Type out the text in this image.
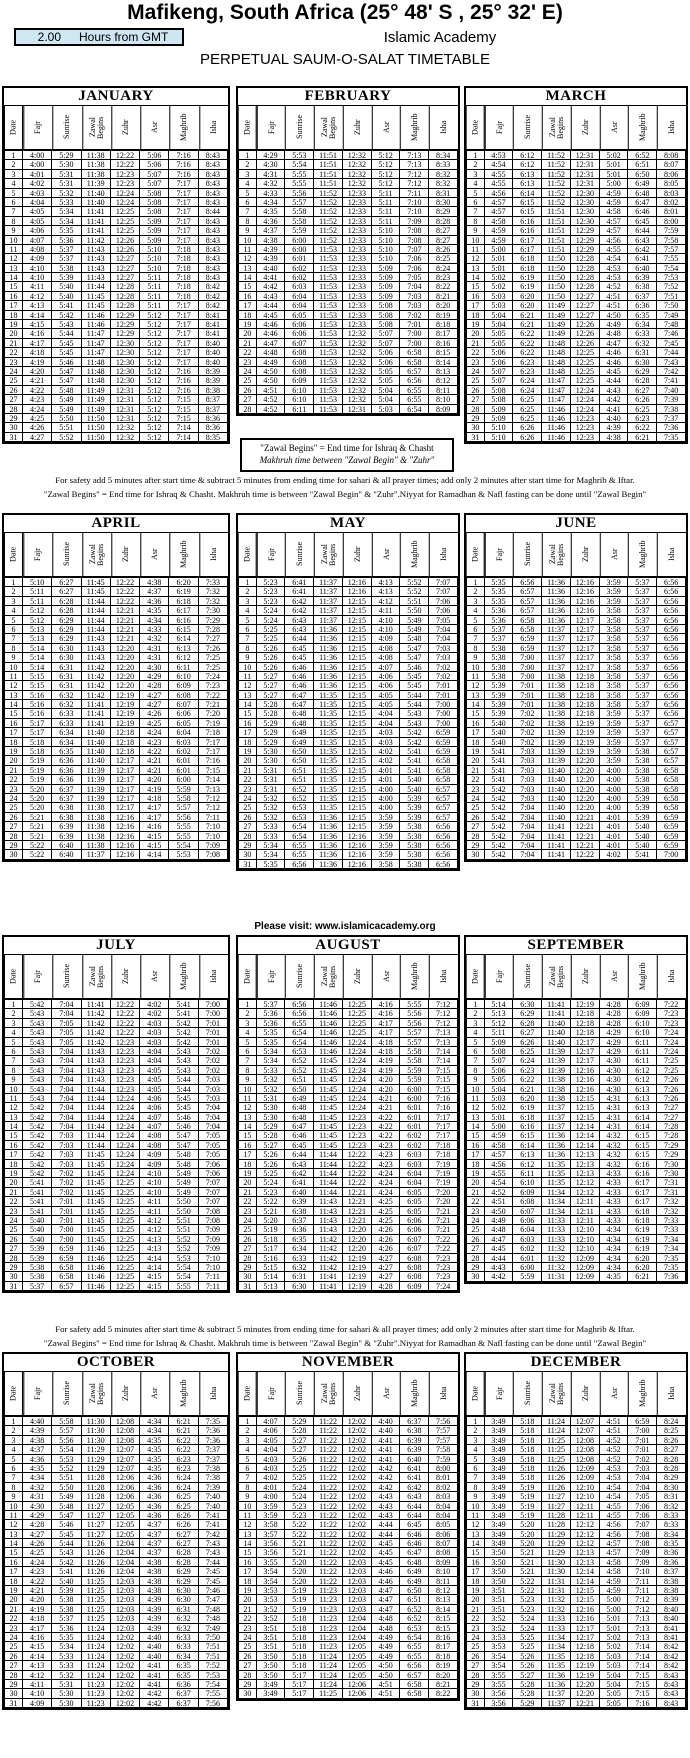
Mafikeng, South Africa (25° 48' S , 25° 32' E)
2.00 Hours from GMT	Islamic Academy
PERPETUAL SAUM-O-SALAT TIMETABLE
JANUARY
Date	Fajr	Sunrise	Zawal Begins	Zuhr	Asr	Maghrib	Isha
1	4:00	5:29	11:38	12:22	5:06	7:16	8:43
2	4:00	5:30	11:38	12:22	5:06	7:16	8:43
3	4:01	5:31	11:38	12:23	5:07	7:16	8:43
4	4:02	5:31	11:39	12:23	5:07	7:17	8:43
5	4:03	5:32	11:40	12:24	5:08	7:17	8:43
6	4:04	5:33	11:40	12:24	5:08	7:17	8:43
7	4:05	5:34	11:41	12:25	5:08	7:17	8:44
8	4:05	5:34	11:41	12:25	5:09	7:17	8:43
9	4:06	5:35	11:41	12:25	5:09	7:17	8:43
10	4:07	5:36	11:42	12:26	5:09	7:17	8:43
11	4:08	5:37	11:43	12:26	5:10	7:18	8:43
12	4:09	5:37	11:43	12:27	5:10	7:18	8:43
13	4:10	5:38	11:43	12:27	5:10	7:18	8:43
14	4:10	5:39	11:43	12:27	5:11	7:18	8:43
15	4:11	5:40	11:44	12:28	5:11	7:18	8:42
16	4:12	5:40	11:45	12:28	5:11	7:18	8:42
17	4:13	5:41	11:45	12:28	5:11	7:17	8:42
18	4:14	5:42	11:46	12:29	5:12	7:17	8:41
19	4:15	5:43	11:46	12:29	5:12	7:17	8:41
20	4:16	5:44	11:47	12:29	5:12	7:17	8:41
21	4:17	5:45	11:47	12:30	5:12	7:17	8:40
22	4:18	5:45	11:47	12:30	5:12	7:17	8:40
23	4:19	5:46	11:48	12:30	5:12	7:17	8:40
24	4:20	5:47	11:48	12:30	5:12	7:16	8:39
25	4:21	5:47	11:48	12:30	5:12	7:16	8:39
26	4:22	5:48	11:49	12:31	5:12	7:16	8:38
27	4:23	5:49	11:49	12:31	5:12	7:15	8:37
28	4:24	5:49	11:49	12:31	5:12	7:15	8:37
29	4:25	5:50	11:50	12:31	5:12	7:15	8:36
30	4:26	5:51	11:50	12:32	5:12	7:14	8:36
31	4:27	5:52	11:50	12:32	5:12	7:14	8:35
FEBRUARY
Date	Fajr	Sunrise	Zawal Begins	Zuhr	Asr	Maghrib	Isha
1	4:29	5:53	11:51	12:32	5:12	7:13	8:34
2	4:30	5:54	11:51	12:32	5:12	7:13	8:33
3	4:31	5:55	11:51	12:32	5:12	7:12	8:32
4	4:32	5:55	11:51	12:32	5:12	7:12	8:32
5	4:33	5:56	11:52	12:33	5:11	7:11	8:31
6	4:34	5:57	11:52	12:33	5:11	7:10	8:30
7	4:35	5:58	11:52	12:33	5:11	7:10	8:29
8	4:36	5:58	11:52	12:33	5:11	7:09	8:28
9	4:37	5:59	11:52	12:33	5:10	7:08	8:27
10	4:38	6:00	11:52	12:33	5:10	7:08	8:27
11	4:39	6:00	11:53	12:33	5:10	7:07	8:26
12	4:39	6:01	11:53	12:33	5:10	7:06	8:25
13	4:40	6:02	11:53	12:33	5:09	7:06	8:24
14	4:41	6:02	11:53	12:33	5:09	7:05	8:23
15	4:42	6:03	11:53	12:33	5:09	7:04	8:22
16	4:43	6:04	11:53	12:33	5:09	7:03	8:21
17	4:44	6:04	11:53	12:33	5:08	7:03	8:20
18	4:45	6:05	11:53	12:33	5:08	7:02	8:19
19	4:46	6:06	11:53	12:33	5:08	7:01	8:18
20	4:46	6:06	11:53	12:32	5:07	7:00	8:17
21	4:47	6:07	11:53	12:32	5:07	7:00	8:16
22	4:48	6:08	11:53	12:32	5:06	6:58	8:15
23	4:49	6:08	11:53	12:32	5:06	6:58	8:14
24	4:50	6:08	11:53	12:32	5:05	6:57	8:13
25	4:50	6:09	11:53	12:32	5:05	6:56	8:12
26	4:51	6:10	11:53	12:32	5:04	6:55	8:11
27	4:52	6:10	11:53	12:32	5:04	6:55	8:10
28	4:52	6:11	11:53	12:31	5:03	6:54	8:09
MARCH
Date	Fajr	Sunrise	Zawal Begins	Zuhr	Asr	Maghrib	Isha
1	4:53	6:12	11:52	12:31	5:02	6:52	8:08
2	4:54	6:12	11:52	12:31	5:01	6:51	8:07
3	4:55	6:13	11:52	12:31	5:01	6:50	8:06
4	4:55	6:13	11:52	12:31	5:00	6:49	8:05
5	4:56	6:14	11:52	12:30	4:59	6:48	8:03
6	4:57	6:15	11:52	12:30	4:59	6:47	8:02
7	4:57	6:15	11:51	12:30	4:58	6:46	8:01
8	4:58	6:16	11:51	12:30	4:57	6:45	8:00
9	4:59	6:16	11:51	12:29	4:57	6:44	7:59
10	4:59	6:17	11:51	12:29	4:56	6:43	7:58
11	5:00	6:17	11:51	12:29	4:55	6:42	7:57
12	5:01	6:18	11:50	12:28	4:54	6:41	7:55
13	5:01	6:18	11:50	12:28	4:53	6:40	7:54
14	5:02	6:19	11:50	12:28	4:53	6:39	7:53
15	5:02	6:19	11:50	12:28	4:52	6:38	7:52
16	5:03	6:20	11:50	12:27	4:51	6:37	7:51
17	5:03	6:20	11:49	12:27	4:51	6:36	7:50
18	5:04	6:21	11:49	12:27	4:50	6:35	7:49
19	5:04	6:21	11:49	12:26	4:49	6:34	7:48
20	5:05	6:22	11:49	12:26	4:48	6:33	7:46
21	5:05	6:22	11:48	12:26	4:47	6:32	7:45
22	5:06	6:22	11:48	12:25	4:46	6:31	7:44
23	5:06	6:23	11:48	12:25	4:46	6:30	7:43
24	5:07	6:23	11:48	12:25	4:45	6:29	7:42
25	5:07	6:24	11:47	12:25	4:44	6:28	7:41
26	5:08	6:24	11:47	12:24	4:43	6:27	7:40
27	5:08	6:25	11:47	12:24	4:42	6:26	7:39
28	5:09	6:25	11:46	12:24	4:41	6:25	7:38
29	5:09	6:25	11:46	12:23	4:40	6:23	7:37
30	5:10	6:26	11:46	12:23	4:39	6:22	7:36
31	5:10	6:26	11:46	12:23	4:38	6:21	7:35
APRIL
Date	Fajr	Sunrise	Zawal Begins	Zuhr	Asr	Maghrib	Isha
1	5:10	6:27	11:45	12:22	4:38	6:20	7:33
2	5:11	6:27	11:45	12:22	4:37	6:19	7:32
3	5:11	6:28	11:44	12:22	4:36	6:18	7:32
4	5:12	6:28	11:44	12:21	4:35	6:17	7:30
5	5:12	6:29	11:44	12:21	4:34	6:16	7:29
6	5:13	6:29	11:44	12:21	4:33	6:15	7:28
7	5:13	6:29	11:43	12:21	4:32	6:14	7:27
8	5:14	6:30	11:43	12:20	4:31	6:13	7:26
9	5:14	6:30	11:43	12:20	4:31	6:12	7:25
10	5:14	6:31	11:42	12:20	4:30	6:11	7:25
11	5:15	6:31	11:42	12:20	4:29	6:10	7:24
12	5:15	6:31	11:42	12:20	4:28	6:09	7:23
13	5:16	6:32	11:42	12:19	4:27	6:08	7:22
14	5:16	6:32	11:41	12:19	4:27	6:07	7:21
15	5:16	6:33	11:41	12:19	4:26	6:06	7:20
16	5:17	6:33	11:41	12:19	4:25	6:05	7:19
17	5:17	6:34	11:40	12:18	4:24	6:04	7:18
18	5:18	6:34	11:40	12:18	4:23	6:03	7:17
19	5:18	6:35	11:40	12:18	4:22	6:02	7:17
20	5:19	6:36	11:40	12:17	4:21	6:01	7:16
21	5:19	6:36	11:39	12:17	4:21	6:01	7:15
22	5:19	6:36	11:39	12:17	4:20	6:00	7:14
23	5:20	6:37	11:39	12:17	4:19	5:59	7:13
24	5:20	6:37	11:39	12:17	4:18	5:58	7:12
25	5:20	6:38	11:38	12:17	4:17	5:57	7:12
26	5:21	6:38	11:38	12:16	4:17	5:56	7:11
27	5:21	6:39	11:38	12:16	4:16	5:55	7:10
28	5:21	6:39	11:38	12:16	4:15	5:55	7:10
29	5:22	6:40	11:38	12:16	4:15	5:54	7:09
30	5:22	6:40	11:37	12:16	4:14	5:53	7:08
MAY
Date	Fajr	Sunrise	Zawal Begins	Zuhr	Asr	Maghrib	Isha
1	5:23	6:41	11:37	12:16	4:13	5:52	7:07
2	5:23	6:41	11:37	12:16	4:13	5:52	7:07
3	5:23	6:42	11:37	12:15	4:12	5:51	7:06
4	5:24	6:42	11:37	12:15	4:11	5:50	7:06
5	5:24	6:43	11:37	12:15	4:10	5:49	7:05
6	5:25	6:43	11:36	12:15	4:10	5:49	7:04
7	5:25	6:44	11:36	12:15	4:09	5:48	7:04
8	5:26	6:45	11:36	12:15	4:08	5:47	7:03
9	5:26	6:45	11:36	12:15	4:08	5:47	7:03
10	5:26	6:46	11:36	12:15	4:07	5:46	7:02
11	5:27	6:46	11:36	12:15	4:06	5:45	7:02
12	5:27	6:46	11:36	12:15	4:06	5:45	7:01
13	5:27	6:47	11:35	12:15	4:05	5:44	7:01
14	5:28	6:47	11:35	12:15	4:05	5:44	7:00
15	5:28	6:48	11:35	12:15	4:04	5:43	7:00
16	5:29	6:48	11:35	12:15	4:04	5:43	7:00
17	5:29	6:49	11:35	12:15	4:03	5:42	6:59
18	5:29	6:49	11:35	12:15	4:03	5:42	6:59
19	5:30	6:50	11:35	12:15	4:02	5:41	6:59
20	5:30	6:50	11:35	12:15	4:02	5:41	6:58
21	5:31	6:51	11:35	12:15	4:01	5:41	6:58
22	5:31	6:51	11:35	12:15	4:01	5:40	6:58
23	5:31	6:52	11:35	12:15	4:00	5:40	6:57
24	5:32	6:52	11:35	12:15	4:00	5:39	6:57
25	5:32	6:53	11:35	12:15	4:00	5:39	6:57
26	5:32	6:53	11:36	12:15	3:59	5:39	6:57
27	5:33	6:54	11:36	12:15	3:59	5:38	6:56
28	5:33	6:54	11:36	12:16	3:59	5:38	6:56
29	5:34	6:55	11:36	12:16	3:59	5:38	6:56
30	5:34	6:55	11:36	12:16	3:59	5:38	6:56
31	5:35	6:56	11:36	12:16	3:58	5:38	6:56
JUNE
Date	Fajr	Sunrise	Zawal Begins	Zuhr	Asr	Maghrib	Isha
1	5:35	6:56	11:36	12:16	3:59	5:37	6:56
2	5:35	6:57	11:36	12:16	3:59	5:37	6:56
3	5:35	6:57	11:36	12:16	3:59	5:37	6:56
4	5:36	6:57	11:36	12:16	3:58	5:37	6:56
5	5:36	6:58	11:36	12:17	3:58	5:37	6:56
6	5:37	6:58	11:37	12:17	3:58	5:37	6:56
7	5:37	6:59	11:37	12:17	3:58	5:37	6:56
8	5:38	6:59	11:37	12:17	3:58	5:37	6:56
9	5:38	7:00	11:37	12:17	3:58	5:37	6:56
10	5:38	7:00	11:37	12:17	3:58	5:37	6:56
11	5:38	7:00	11:38	12:18	3:58	5:37	6:56
12	5:39	7:01	11:38	12:18	3:58	5:37	6:56
13	5:39	7:01	11:38	12:18	3:58	5:37	6:56
14	5:39	7:01	11:38	12:18	3:58	5:37	6:56
15	5:39	7:02	11:38	12:18	3:59	5:37	6:56
16	5:40	7:02	11:38	12:19	3:59	5:37	6:57
17	5:40	7:02	11:39	12:19	3:59	5:37	6:57
18	5:40	7:02	11:39	12:19	3:59	5:37	6:57
19	5:41	7:03	11:39	12:19	3:59	5:38	6:57
20	5:41	7:03	11:39	12:20	3:59	5:38	6:57
21	5:41	7:03	11:40	12:20	4:00	5:38	6:58
22	5:41	7:03	11:40	12:20	4:00	5:38	6:58
23	5:42	7:03	11:40	12:20	4:00	5:38	6:58
24	5:42	7:03	11:40	12:20	4:00	5:39	6:58
25	5:42	7:04	11:40	12:20	4:00	5:39	6:58
26	5:42	7:04	11:40	12:21	4:01	5:39	6:59
27	5:42	7:04	11:41	12:21	4:01	5:40	6:59
28	5:42	7:04	11:41	12:21	4:01	5:40	6:59
29	5:42	7:04	11:41	12:21	4:01	5:40	6:59
30	5:42	7:04	11:41	12:22	4:02	5:41	7:00
JULY
Date	Fajr	Sunrise	Zawal Begins	Zuhr	Asr	Maghrib	Isha
1	5:42	7:04	11:41	12:22	4:02	5:41	7:00
2	5:43	7:04	11:42	12:22	4:02	5:41	7:00
3	5:43	7:05	11:42	12:22	4:03	5:42	7:01
4	5:43	7:05	11:42	12:22	4:03	5:42	7:01
5	5:43	7:05	11:42	12:23	4:03	5:42	7:01
6	5:43	7:04	11:43	12:23	4:04	5:43	7:02
7	5:43	7:04	11:43	12:23	4:04	5:43	7:02
8	5:43	7:04	11:43	12:23	4:05	5:43	7:02
9	5:43	7:04	11:43	12:23	4:05	5:44	7:03
10	5:43	7:04	11:44	12:23	4:05	5:44	7:03
11	5:43	7:04	11:44	12:24	4:06	5:45	7:03
12	5:42	7:04	11:44	12:24	4:06	5:45	7:04
13	5:42	7:04	11:44	12:24	4:07	5:46	7:04
14	5:42	7:04	11:44	12:24	4:07	5:46	7:04
15	5:42	7:03	11:44	12:24	4:08	5:47	7:05
16	5:42	7:03	11:44	12:24	4:08	5:47	7:05
17	5:42	7:03	11:45	12:24	4:09	5:48	7:05
18	5:42	7:03	11:45	12:24	4:09	5:48	7:06
19	5:42	7:02	11:45	12:24	4:10	5:49	7:06
20	5:41	7:02	11:45	12:25	4:10	5:49	7:07
21	5:41	7:02	11:45	12:25	4:10	5:49	7:07
22	5:41	7:01	11:45	12:25	4:11	5:50	7:07
23	5:41	7:01	11:45	12:25	4:11	5:50	7:08
24	5:40	7:01	11:45	12:25	4:12	5:51	7:08
25	5:40	7:00	11:45	12:25	4:12	5:51	7:09
26	5:40	7:00	11:45	12:25	4:13	5:52	7:09
27	5:39	6:59	11:46	12:25	4:13	5:52	7:09
28	5:39	6:59	11:46	12:25	4:14	5:53	7:10
29	5:38	6:58	11:46	12:25	4:14	5:54	7:10
30	5:38	6:58	11:46	12:25	4:15	5:54	7:11
31	5:37	6:57	11:46	12:25	4:15	5:55	7:11
AUGUST
Date	Fajr	Sunrise	Zawal Begins	Zuhr	Asr	Maghrib	Isha
1	5:37	6:56	11:46	12:25	4:16	5:55	7:12
2	5:36	6:56	11:46	12:25	4:16	5:56	7:12
3	5:36	6:55	11:46	12:25	4:17	5:56	7:12
4	5:35	6:54	11:46	12:25	4:17	5:57	7:13
5	5:35	6:54	11:46	12:24	4:18	5:57	7:13
6	5:34	6:53	11:46	12:24	4:18	5:58	7:14
7	5:34	6:52	11:45	12:24	4:19	5:58	7:14
8	5:33	6:52	11:45	12:24	4:19	5:59	7:15
9	5:32	6:51	11:45	12:24	4:20	5:59	7:15
10	5:32	6:50	11:45	12:24	4:20	6:00	7:15
11	5:31	6:49	11:45	12:24	4:21	6:00	7:16
12	5:30	6:48	11:45	12:24	4:21	6:01	7:16
13	5:30	6:48	11:45	12:23	4:22	6:01	7:17
14	5:29	6:47	11:45	12:23	4:22	6:01	7:17
15	5:28	6:46	11:45	12:23	4:22	6:02	7:17
16	5:27	6:45	11:45	12:23	4:23	6:02	7:18
17	5:26	6:44	11:44	12:22	4:23	6:03	7:18
18	5:26	6:43	11:44	12:22	4:23	6:03	7:19
19	5:25	6:42	11:44	12:22	4:24	6:04	7:19
20	5:24	6:41	11:44	12:22	4:24	6:04	7:19
21	5:23	6:40	11:44	12:21	4:24	6:05	7:20
22	5:22	6:39	11:43	12:21	4:25	6:05	7:20
23	5:21	6:38	11:43	12:21	4:25	6:05	7:21
24	5:20	6:37	11:43	12:21	4:25	6:06	7:21
25	5:19	6:36	11:43	12:20	4:26	6:06	7:21
26	5:18	6:35	11:42	12:20	4:26	6:07	7:22
27	5:17	6:34	11:42	12:20	4:26	6:07	7:22
28	5:16	6:33	11:42	12:19	4:27	6:08	7:23
29	5:15	6:32	11:42	12:19	4:27	6:08	7:23
30	5:14	6:31	11:41	12:19	4:27	6:08	7:23
31	5:13	6:30	11:41	12:19	4:28	6:09	7:24
SEPTEMBER
Date	Fajr	Sunrise	Zawal Begins	Zuhr	Asr	Maghrib	Isha
1	5:14	6:30	11:41	12:19	4:28	6:09	7:22
2	5:13	6:29	11:41	12:18	4:28	6:09	7:23
3	5:12	6:28	11:40	12:18	4:28	6:10	7:23
4	5:11	6:27	11:40	12:18	4:29	6:10	7:24
5	5:09	6:26	11:40	12:17	4:29	6:11	7:24
6	5:08	6:25	11:39	12:17	4:29	6:11	7:24
7	5:07	6:24	11:39	12:17	4:30	6:11	7:25
8	5:06	6:23	11:39	12:16	4:30	6:12	7:25
9	5:05	6:22	11:38	12:16	4:30	6:12	7:26
10	5:04	6:21	11:38	12:16	4:30	6:13	7:26
11	5:03	6:20	11:38	12:15	4:31	6:13	7:26
12	5:02	6:19	11:37	12:15	4:31	6:13	7:27
13	5:01	6:18	11:37	12:15	4:31	6:14	7:27
14	5:00	6:16	11:37	12:14	4:31	6:14	7:28
15	4:59	6:15	11:36	12:14	4:32	6:15	7:28
16	4:58	6:14	11:36	12:14	4:32	6:15	7:29
17	4:57	6:13	11:36	12:13	4:32	6:15	7:29
18	4:56	6:12	11:35	12:13	4:32	6:16	7:30
19	4:55	6:11	11:35	12:13	4:33	6:16	7:30
20	4:54	6:10	11:35	12:12	4:33	6:17	7:31
21	4:52	6:09	11:34	12:12	4:33	6:17	7:31
22	4:51	6:08	11:34	12:11	4:33	6:17	7:32
23	4:50	6:07	11:34	12:11	4:33	6:18	7:32
24	4:49	6:06	11:33	12:11	4:33	6:18	7:33
25	4:48	6:04	11:33	12:10	4:34	6:19	7:33
26	4:47	6:03	11:33	12:10	4:34	6:19	7:34
27	4:45	6:02	11:32	12:10	4:34	6:19	7:34
28	4:44	6:01	11:32	12:09	4:34	6:20	7:35
29	4:43	6:00	11:32	12:09	4:34	6:20	7:35
30	4:42	5:59	11:31	12:09	4:35	6:21	7:36
OCTOBER
Date	Fajr	Sunrise	Zawal Begins	Zuhr	Asr	Maghrib	Isha
1	4:40	5:58	11:30	12:08	4:34	6:21	7:35
2	4:39	5:57	11:30	12:08	4:34	6:21	7:36
3	4:38	5:56	11:30	12:08	4:35	6:22	7:36
4	4:37	5:54	11:29	12:07	4:35	6:22	7:37
5	4:36	5:53	11:29	12:07	4:35	6:23	7:37
6	4:35	5:52	11:29	12:07	4:35	6:23	7:38
7	4:34	5:51	11:28	12:06	4:36	6:24	7:38
8	4:32	5:50	11:28	12:06	4:36	6:24	7:39
9	4:31	5:49	11:28	12:06	4:36	6:25	7:40
10	4:30	5:48	11:27	12:05	4:36	6:25	7:40
11	4:29	5:47	11:27	12:05	4:36	6:26	7:41
12	4:28	5:46	11:27	12:05	4:37	6:26	7:41
13	4:27	5:45	11:27	12:05	4:37	6:27	7:42
14	4:26	5:44	11:26	12:04	4:37	6:27	7:43
15	4:25	5:43	11:26	12:04	4:37	6:28	7:43
16	4:24	5:42	11:26	12:04	4:38	6:28	7:44
17	4:23	5:41	11:26	12:04	4:38	6:29	7:45
18	4:22	5:40	11:25	12:03	4:38	6:29	7:45
19	4:21	5:39	11:25	12:03	4:38	6:30	7:46
20	4:20	5:38	11:25	12:03	4:39	6:30	7:47
21	4:19	5:38	11:25	12:03	4:39	6:31	7:48
22	4:18	5:37	11:25	12:03	4:39	6:32	7:48
23	4:17	5:36	11:24	12:03	4:39	6:32	7:49
24	4:16	5:35	11:24	12:02	4:40	6:33	7:50
25	4:15	5:34	11:24	12:02	4:40	6:33	7:51
26	4:14	5:33	11:24	12:02	4:40	6:34	7:51
27	4:13	5:33	11:24	12:02	4:41	6:35	7:52
28	4:12	5:32	11:24	12:02	4:41	6:35	7:53
29	4:11	5:31	11:23	12:02	4:41	6:36	7:54
30	4:10	5:30	11:23	12:02	4:42	6:37	7:55
31	4:09	5:30	11:23	12:02	4:42	6:37	7:56
NOVEMBER
Date	Fajr	Sunrise	Zawal Begins	Zuhr	Asr	Maghrib	Isha
1	4:07	5:29	11:22	12:02	4:40	6:37	7:56
2	4:06	5:28	11:22	12:02	4:40	6:38	7:57
3	4:05	5:27	11:22	12:02	4:41	6:39	7:57
4	4:04	5:27	11:22	12:02	4:41	6:39	7:58
5	4:03	5:26	11:22	12:02	4:41	6:40	7:59
6	4:03	5:25	11:22	12:02	4:42	6:41	8:00
7	4:02	5:25	11:22	12:02	4:42	6:41	8:01
8	4:01	5:24	11:22	12:02	4:42	6:42	8:02
9	4:00	5:24	11:22	12:02	4:43	6:43	8:03
10	3:59	5:23	11:22	12:02	4:43	6:44	8:04
11	3:59	5:23	11:22	12:02	4:43	6:44	8:04
12	3:58	5:22	11:22	12:02	4:44	6:45	8:05
13	3:57	5:22	11:22	12:02	4:44	6:46	8:06
14	3:56	5:21	11:22	12:02	4:45	6:46	8:07
15	3:56	5:21	11:22	12:02	4:45	6:47	8:08
16	3:55	5:20	11:22	12:03	4:45	6:48	8:09
17	3:54	5:20	11:22	12:03	4:46	6:49	8:10
18	3:54	5:20	11:22	12:03	4:46	6:49	8:11
19	3:53	5:19	11:23	12:03	4:47	6:50	8:12
20	3:53	5:19	11:23	12:03	4:47	6:51	8:13
21	3:52	5:19	11:23	12:03	4:47	6:52	8:14
22	3:52	5:18	11:23	12:04	4:48	6:52	8:15
23	3:51	5:18	11:23	12:04	4:48	6:53	8:15
24	3:51	5:18	11:23	12:04	4:49	6:54	8:16
25	3:51	5:18	11:23	12:05	4:49	6:55	8:17
26	3:50	5:18	11:24	12:05	4:49	6:55	8:18
27	3:50	5:18	11:24	12:05	4:50	6:56	8:19
28	3:50	5:17	11:24	12:05	4:50	6:57	8:20
29	3:49	5:17	11:24	12:06	4:51	6:58	8:21
30	3:49	5:17	11:25	12:06	4:51	6:58	8:22
DECEMBER
Date	Fajr	Sunrise	Zawal Begins	Zuhr	Asr	Maghrib	Isha
1	3:49	5:18	11:24	12:07	4:51	6:59	8:24
2	3:49	5:18	11:24	12:07	4:51	7:00	8:25
3	3:49	5:18	11:25	12:08	4:52	7:01	8:26
4	3:49	5:18	11:25	12:08	4:52	7:01	8:27
5	3:49	5:18	11:25	12:08	4:52	7:02	8:28
6	3:49	5:18	11:26	12:09	4:53	7:03	8:28
7	3:49	5:18	11:26	12:09	4:53	7:04	8:29
8	3:49	5:19	11:26	12:10	4:54	7:04	8:30
9	3:49	5:19	11:27	12:10	4:54	7:05	8:31
10	3:49	5:19	11:27	12:11	4:55	7:06	8:32
11	3:49	5:19	11:28	12:11	4:55	7:06	8:33
12	3:49	5:20	11:28	12:12	4:56	7:07	8:33
13	3:49	5:20	11:29	12:12	4:56	7:08	8:34
14	3:49	5:20	11:29	12:12	4:57	7:08	8:35
15	3:50	5:21	11:29	12:13	4:57	7:09	8:36
16	3:50	5:21	11:30	12:13	4:58	7:09	8:36
17	3:50	5:21	11:30	12:14	4:58	7:10	8:37
18	3:50	5:22	11:31	12:14	4:59	7:11	8:38
19	3:51	5:22	11:31	12:15	4:59	7:11	8:38
20	3:51	5:23	11:32	12:15	5:00	7:12	8:39
21	3:51	5:23	11:32	12:16	5:00	7:12	8:40
22	3:52	5:24	11:33	12:16	5:01	7:13	8:40
23	3:52	5:24	11:33	12:17	5:01	7:13	8:41
24	3:53	5:25	11:34	12:17	5:02	7:13	8:41
25	3:53	5:25	11:34	12:18	5:02	7:14	8:42
26	3:54	5:26	11:35	12:18	5:03	7:14	8:42
27	3:54	5:26	11:35	12:19	5:03	7:14	8:42
28	3:55	5:27	11:36	12:19	5:04	7:15	8:43
29	3:55	5:28	11:36	12:20	5:04	7:15	8:43
30	3:56	5:28	11:37	12:20	5:05	7:15	8:43
31	3:56	5:29	11:37	12:21	5:05	7:16	8:43
"Zawal Begins" = End time for Ishraq & Chasht
Makhruh time between "Zawal Begin" & "Zuhr"
For safety add 5 minutes after start time & subtract 5 minutes from ending time for sahari & all prayer times; add only 2 minutes after start time for Maghrib & Iftar.
"Zawal Begins" = End time for Ishraq & Chasht. Makhruh time is between "Zawal Begin" & "Zuhr".Niyyat for Ramadhan & Nafl fasting can be done until "Zawal Begin"
Please visit: www.islamicacademy.org
For safety add 5 minutes after start time & subtract 5 minutes from ending time for sahari & all prayer times; add only 2 minutes after start time for Maghrib & Iftar.
"Zawal Begins" = End time for Ishraq & Chasht. Makhruh time is between "Zawal Begin" & "Zuhr".Niyyat for Ramadhan & Nafl fasting can be done until "Zawal Begin"
